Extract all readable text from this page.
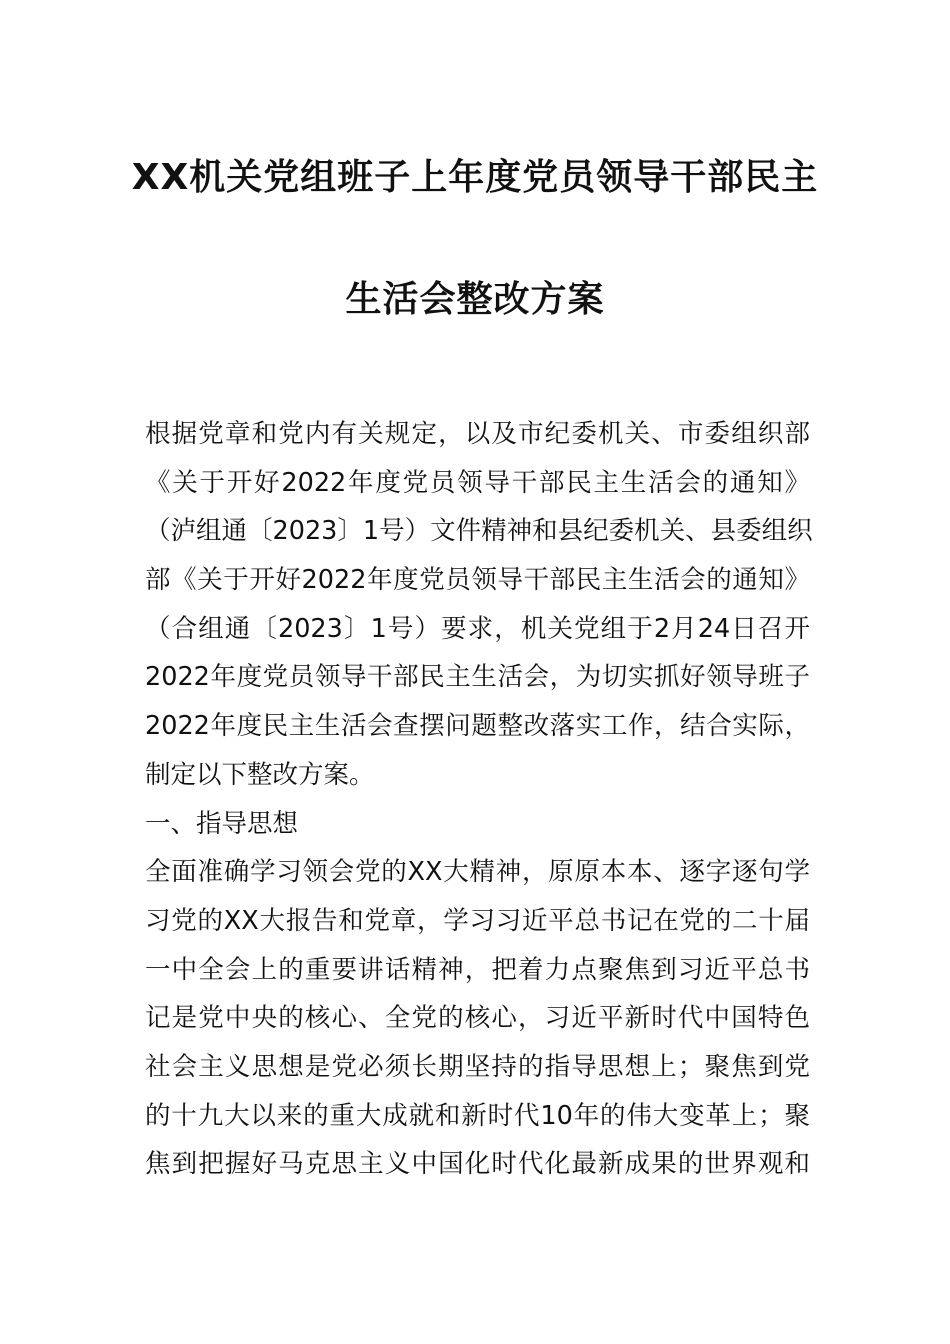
XX机关党组班子上年度党员领导干部民主
生活会整改方案
根据党章和党内有关规定，以及市纪委机关、市委组织部
《关于开好2022年度党员领导干部民主生活会的通知》
（泸组通〔2023〕1号）文件精神和县纪委机关、县委组织
部《关于开好2022年度党员领导干部民主生活会的通知》
（合组通〔2023〕1号）要求，机关党组于2月24日召开
2022年度党员领导干部民主生活会，为切实抓好领导班子
2022年度民主生活会查摆问题整改落实工作，结合实际，
制定以下整改方案。
一、指导思想
全面准确学习领会党的XX大精神，原原本本、逐字逐句学
习党的XX大报告和党章，学习习近平总书记在党的二十届
一中全会上的重要讲话精神，把着力点聚焦到习近平总书
记是党中央的核心、全党的核心，习近平新时代中国特色
社会主义思想是党必须长期坚持的指导思想上；聚焦到党
的十九大以来的重大成就和新时代10年的伟大变革上；聚
焦到把握好马克思主义中国化时代化最新成果的世界观和
